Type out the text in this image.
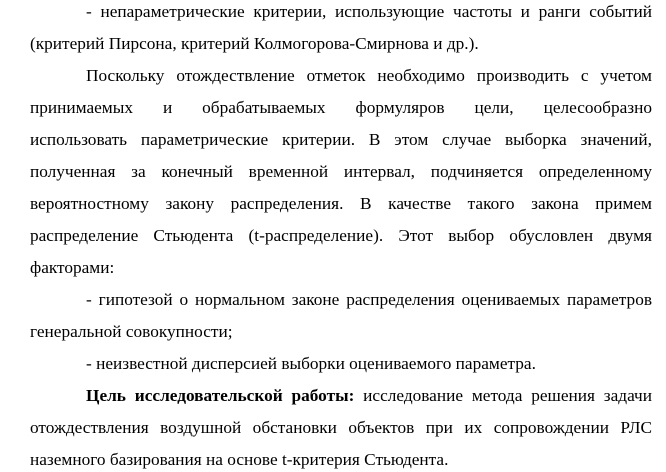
- непараметрические критерии, использующие частоты и ранги событий
(критерий Пирсона, критерий Колмогорова-Смирнова и др.).
Поскольку отождествление отметок необходимо производить с учетом
принимаемых и обрабатываемых формуляров цели, целесообразно
использовать параметрические критерии. В этом случае выборка значений,
полученная за конечный временной интервал, подчиняется определенному
вероятностному закону распределения. В качестве такого закона примем
распределение Стьюдента (t-распределение). Этот выбор обусловлен двумя
факторами:
- гипотезой о нормальном законе распределения оцениваемых параметров
генеральной совокупности;
- неизвестной дисперсией выборки оцениваемого параметра.
Цель исследовательской работы: исследование метода решения задачи
отождествления воздушной обстановки объектов при их сопровождении РЛС
наземного базирования на основе t-критерия Стьюдента.
